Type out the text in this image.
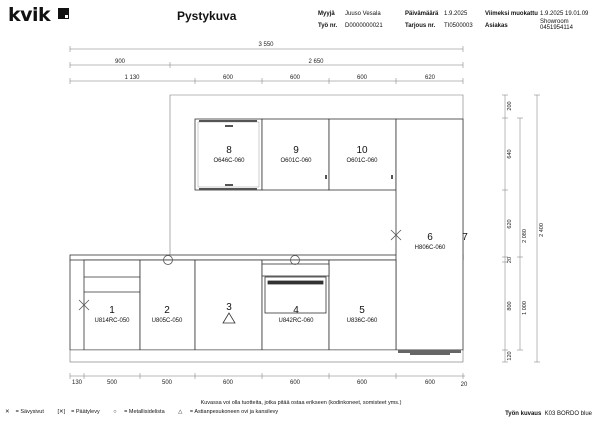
kvik	Pystykuva	Myyjä Juuso Vesala	Päivämäärä 1.9.2025	Viimeksi muokattu 1.9.2025 19.01.09
Työ nr. D0000000021	Tarjous nr. TI0500003 Asiakas
Showroom
0451954114
3 550
900	2 650
1 130	600	600	600	620
130	500	500	600	600	600	600	20
200
640
620
20
800
120
2 080
1 000
2 400
8
O646C-060
9
O601C-060
10
O601C-060
6
H806C-060
7
1
U814RC-050
2
U805C-050
3	4
U842RC-060
5
U836C-060
Kuvassa voi olla tuotteita, jotka pitää ostaa erikseen (kodinkoneet, somisteet yms.)
✕ = Sävysivut [✕] = Päätylevy ○ = Metallisidelista △ = Astianpesukoneen ovi ja kansilevy	Työn kuvaus K03 BORDO blue
